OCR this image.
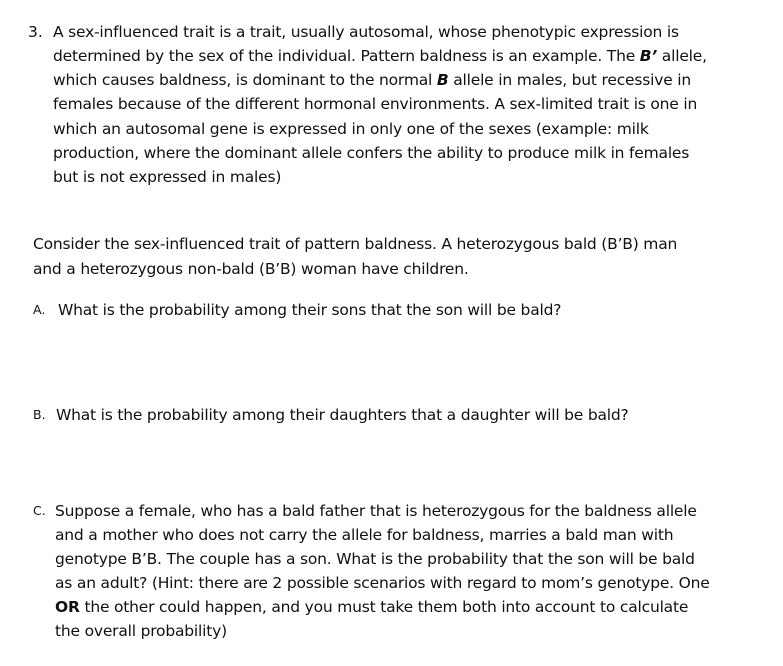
3. A sex-influenced trait is a trait, usually autosomal, whose phenotypic expression is
determined by the sex of the individual. Pattern baldness is an example. The B’ allele,
which causes baldness, is dominant to the normal B allele in males, but recessive in
females because of the different hormonal environments. A sex-limited trait is one in
which an autosomal gene is expressed in only one of the sexes (example: milk
production, where the dominant allele confers the ability to produce milk in females
but is not expressed in males)
Consider the sex-influenced trait of pattern baldness. A heterozygous bald (B’B) man
and a heterozygous non-bald (B’B) woman have children.
A. What is the probability among their sons that the son will be bald?
B. What is the probability among their daughters that a daughter will be bald?
C. Suppose a female, who has a bald father that is heterozygous for the baldness allele
and a mother who does not carry the allele for baldness, marries a bald man with
genotype B’B. The couple has a son. What is the probability that the son will be bald
as an adult? (Hint: there are 2 possible scenarios with regard to mom’s genotype. One
OR the other could happen, and you must take them both into account to calculate
the overall probability)
